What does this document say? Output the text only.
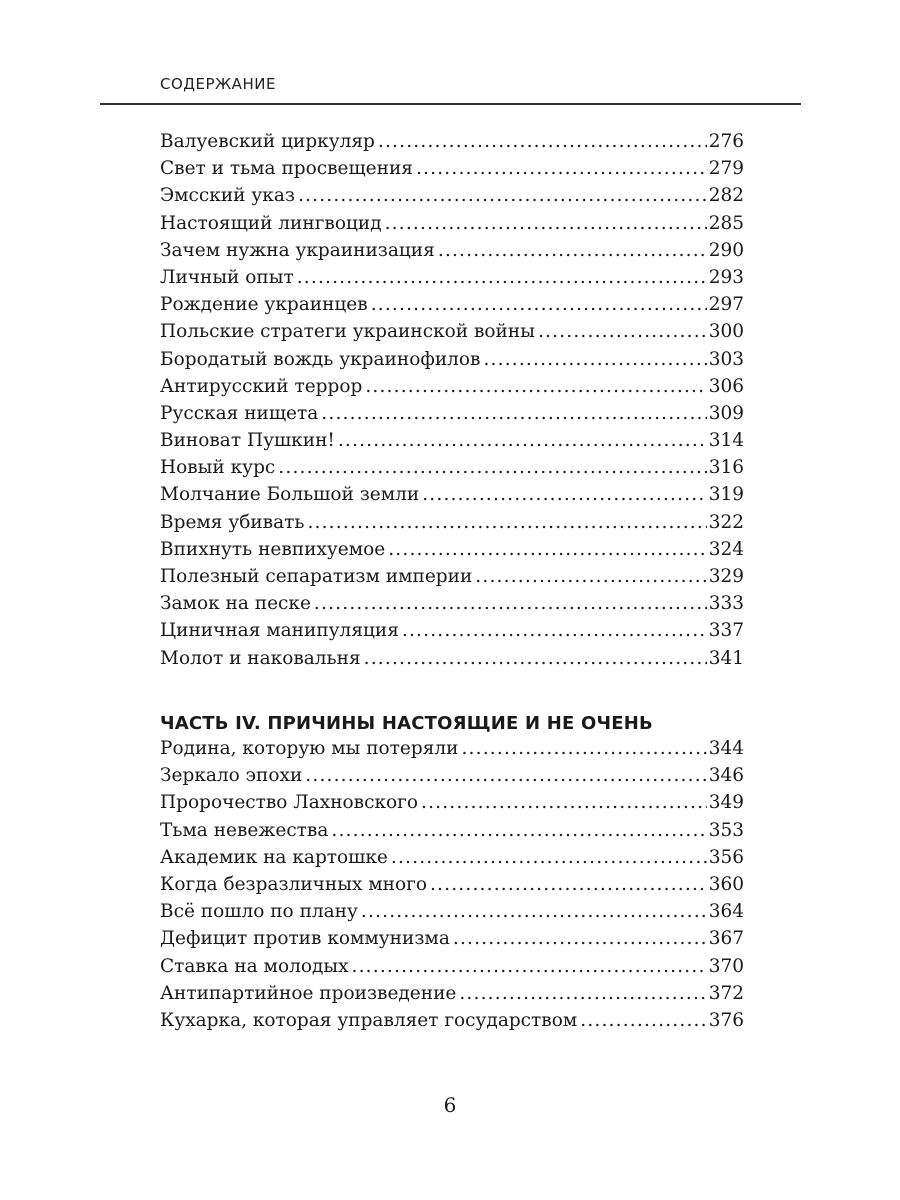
СОДЕРЖАНИЕ
Валуевский циркуляр .....	276
Свет и тьма просвещения .....	279
Эмсский указ .....	282
Настоящий лингвоцид .....	285
Зачем нужна украинизация .....	290
Личный опыт .....	293
Рождение украинцев .....	297
Польские стратеги украинской войны .....	300
Бородатый вождь украинофилов .....	303
Антирусский террор .....	306
Русская нищета .....	309
Виноват Пушкин! .....	314
Новый курс .....	316
Молчание Большой земли .....	319
Время убивать .....	322
Впихнуть невпихуемое .....	324
Полезный сепаратизм империи .....	329
Замок на песке .....	333
Циничная манипуляция .....	337
Молот и наковальня .....	341
ЧАСТЬ IV. ПРИЧИНЫ НАСТОЯЩИЕ И НЕ ОЧЕНЬ
Родина, которую мы потеряли .....	344
Зеркало эпохи .....	346
Пророчество Лахновского .....	349
Тьма невежества .....	353
Академик на картошке .....	356
Когда безразличных много .....	360
Всё пошло по плану .....	364
Дефицит против коммунизма .....	367
Ставка на молодых .....	370
Антипартийное произведение .....	372
Кухарка, которая управляет государством .....	376
6
